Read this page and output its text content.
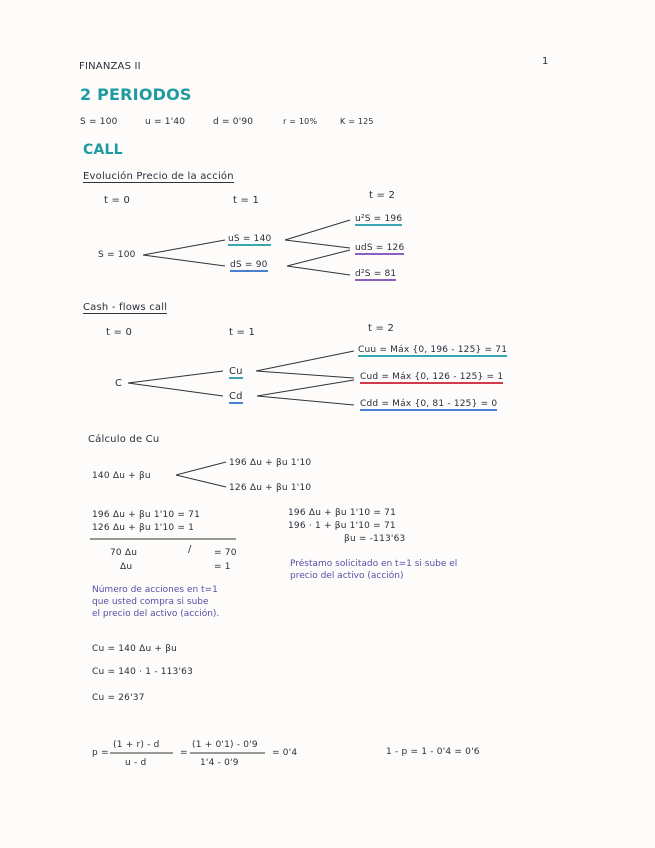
FINANZAS II	1
2 PERIODOS
S = 100	u = 1'40	d = 0'90	r = 10%	K = 125
CALL
Evolución Precio de la acción
t = 0	t = 1	t = 2
S = 100
uS = 140
dS = 90
u²S = 196
udS = 126
d²S = 81
Cash - flows call
t = 0	t = 1	t = 2
C
Cu
Cd
Cuu = Máx {0, 196 - 125} = 71
Cud = Máx {0, 126 - 125} = 1
Cdd = Máx {0, 81 - 125} = 0
Cálculo de Cu
140 Δu + βu
196 Δu + βu 1'10
126 Δu + βu 1'10
196 Δu + βu 1'10 = 71
126 Δu + βu 1'10 = 1
70 Δu	/ = 70
Δu	= 1
196 Δu + βu 1'10 = 71
196 · 1 + βu 1'10 = 71
βu = -113'63
Número de acciones en t=1
que usted compra si sube
el precio del activo (acción).
Préstamo solicitado en t=1 si sube el
precio del activo (acción)
Cu = 140 Δu + βu
Cu = 140 · 1 - 113'63
Cu = 26'37
p =
(1 + r) - d
u - d
=
(1 + 0'1) - 0'9
1'4 - 0'9
= 0'4	1 - p = 1 - 0'4 = 0'6
